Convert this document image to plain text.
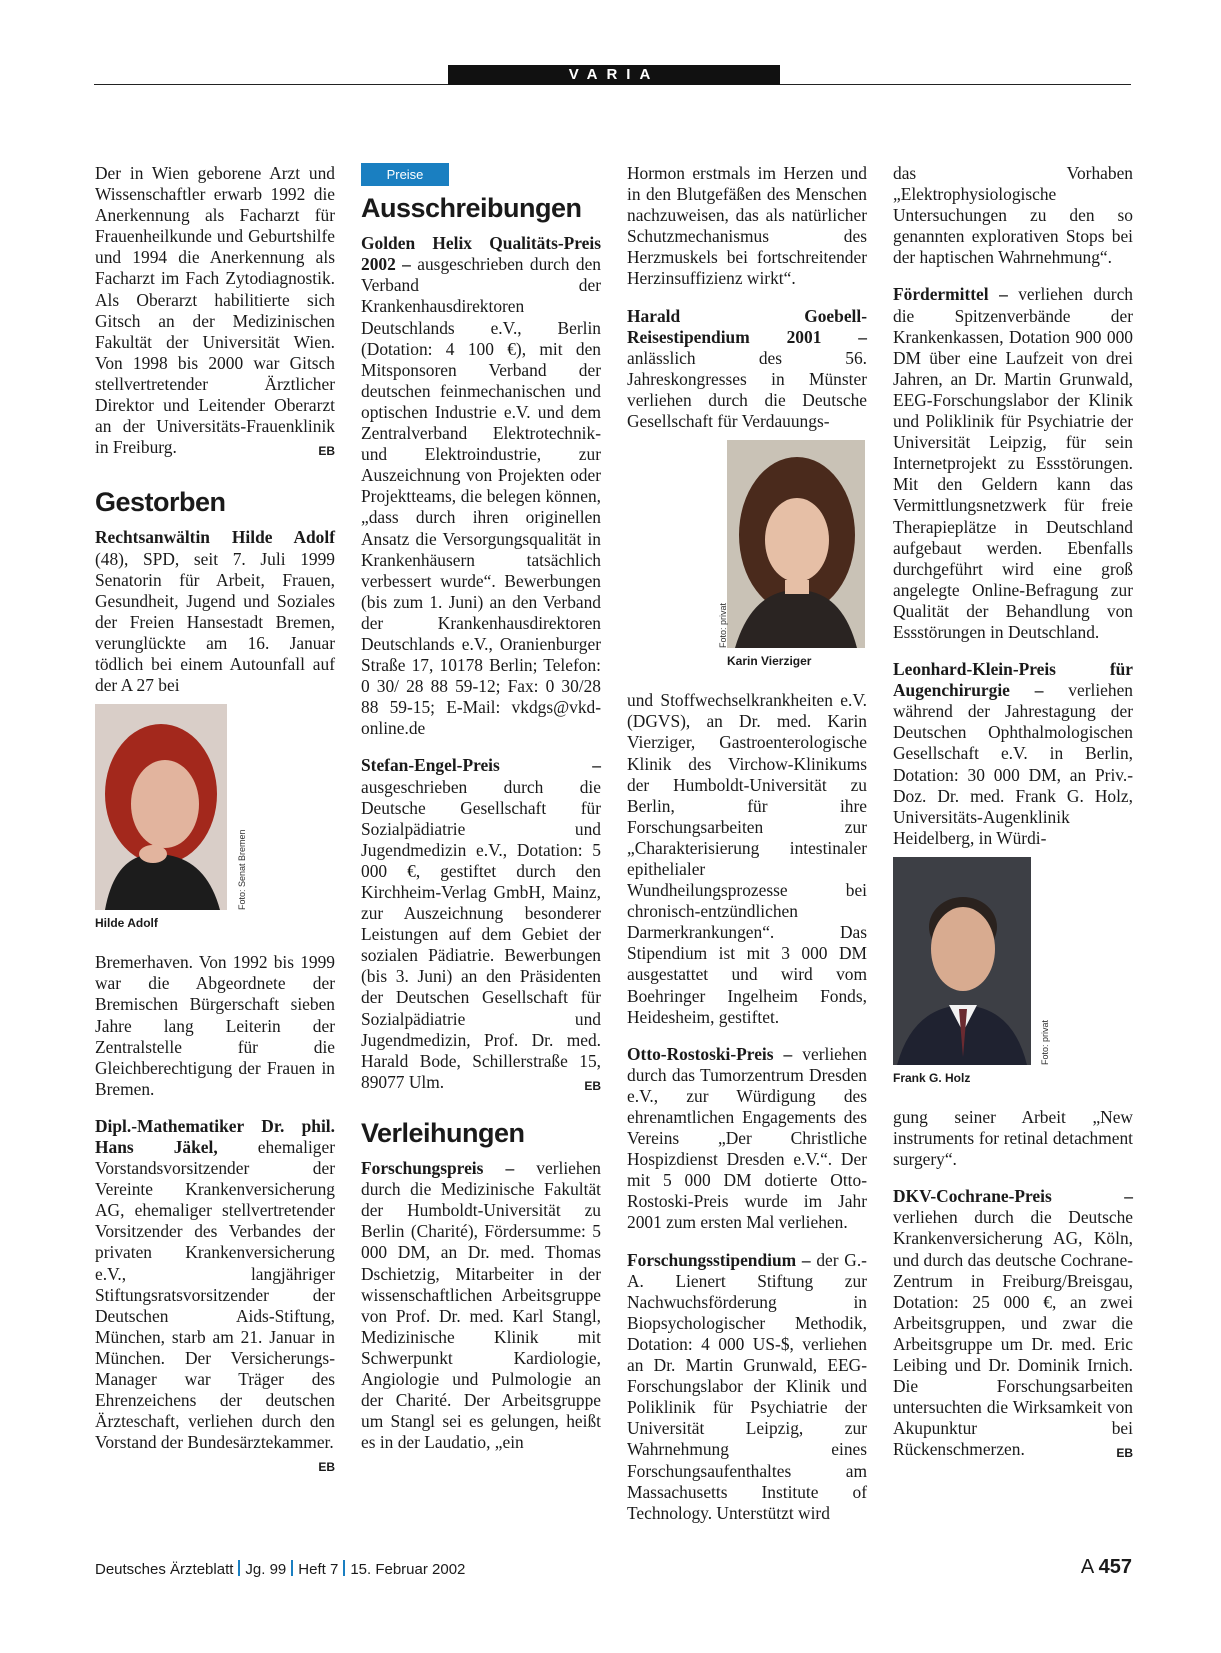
VARIA

Der in Wien geborene Arzt und Wissenschaftler erwarb 1992 die Anerkennung als Facharzt für Frauenheilkunde und Geburtshilfe und 1994 die Anerkennung als Facharzt im Fach Zytodiagnostik. Als Oberarzt habilitierte sich Gitsch an der Medizinischen Fakultät der Universität Wien. Von 1998 bis 2000 war Gitsch stellvertretender Ärztlicher Direktor und Leitender Oberarzt an der Universitäts-Frauenklinik in Freiburg.	EB

Gestorben

Rechtsanwältin Hilde Adolf (48), SPD, seit 7. Juli 1999 Senatorin für Arbeit, Frauen, Gesundheit, Jugend und Soziales der Freien Hansestadt Bremen, verunglückte am 16. Januar tödlich bei einem Autounfall auf der A 27 bei

Foto: Senat Bremen
Hilde Adolf

Bremerhaven. Von 1992 bis 1999 war die Abgeordnete der Bremischen Bürgerschaft sieben Jahre lang Leiterin der Zentralstelle für die Gleichberechtigung der Frauen in Bremen.

Dipl.-Mathematiker Dr. phil. Hans Jäkel, ehemaliger Vorstandsvorsitzender der Vereinte Krankenversicherung AG, ehemaliger stellvertretender Vorsitzender des Verbandes der privaten Krankenversicherung e.V., langjähriger Stiftungsratsvorsitzender der Deutschen Aids-Stiftung, München, starb am 21. Januar in München. Der Versicherungs-Manager war Träger des Ehrenzeichens der deutschen Ärzteschaft, verliehen durch den Vorstand der Bundesärztekammer.
EB

Preise
Ausschreibungen

Golden Helix Qualitäts-Preis 2002 – ausgeschrieben durch den Verband der Krankenhausdirektoren Deutschlands e.V., Berlin (Dotation: 4 100 €), mit den Mitsponsoren Verband der deutschen feinmechanischen und optischen Industrie e.V. und dem Zentralverband Elektrotechnik- und Elektroindustrie, zur Auszeichnung von Projekten oder Projektteams, die belegen können, „dass durch ihren originellen Ansatz die Versorgungsqualität in Krankenhäusern tatsächlich verbessert wurde“. Bewerbungen (bis zum 1. Juni) an den Verband der Krankenhausdirektoren Deutschlands e.V., Oranienburger Straße 17, 10178 Berlin; Telefon: 0 30/ 28 88 59-12; Fax: 0 30/28 88 59-15; E-Mail: vkdgs@vkd-online.de

Stefan-Engel-Preis – ausgeschrieben durch die Deutsche Gesellschaft für Sozialpädiatrie und Jugendmedizin e.V., Dotation: 5 000 €, gestiftet durch den Kirchheim-Verlag GmbH, Mainz, zur Auszeichnung besonderer Leistungen auf dem Gebiet der sozialen Pädiatrie. Bewerbungen (bis 3. Juni) an den Präsidenten der Deutschen Gesellschaft für Sozialpädiatrie und Jugendmedizin, Prof. Dr. med. Harald Bode, Schillerstraße 15, 89077 Ulm.	EB

Verleihungen

Forschungspreis – verliehen durch die Medizinische Fakultät der Humboldt-Universität zu Berlin (Charité), Fördersumme: 5 000 DM, an Dr. med. Thomas Dschietzig, Mitarbeiter in der wissenschaftlichen Arbeitsgruppe von Prof. Dr. med. Karl Stangl, Medizinische Klinik mit Schwerpunkt Kardiologie, Angiologie und Pulmologie an der Charité. Der Arbeitsgruppe um Stangl sei es gelungen, heißt es in der Laudatio, „ein

Hormon erstmals im Herzen und in den Blutgefäßen des Menschen nachzuweisen, das als natürlicher Schutzmechanismus des Herzmuskels bei fortschreitender Herzinsuffizienz wirkt“.

Harald Goebell-Reisestipendium 2001 – anlässlich des 56. Jahreskongresses in Münster verliehen durch die Deutsche Gesellschaft für Verdauungs-

Foto: privat
Karin Vierziger

und Stoffwechselkrankheiten e.V. (DGVS), an Dr. med. Karin Vierziger, Gastroenterologische Klinik des Virchow-Klinikums der Humboldt-Universität zu Berlin, für ihre Forschungsarbeiten zur „Charakterisierung intestinaler epithelialer Wundheilungsprozesse bei chronisch-entzündlichen Darmerkrankungen“. Das Stipendium ist mit 3 000 DM ausgestattet und wird vom Boehringer Ingelheim Fonds, Heidesheim, gestiftet.

Otto-Rostoski-Preis – verliehen durch das Tumorzentrum Dresden e.V., zur Würdigung des ehrenamtlichen Engagements des Vereins „Der Christliche Hospizdienst Dresden e.V.“. Der mit 5 000 DM dotierte Otto-Rostoski-Preis wurde im Jahr 2001 zum ersten Mal verliehen.

Forschungsstipendium – der G.-A. Lienert Stiftung zur Nachwuchsförderung in Biopsychologischer Methodik, Dotation: 4 000 US-$, verliehen an Dr. Martin Grunwald, EEG-Forschungslabor der Klinik und Poliklinik für Psychiatrie der Universität Leipzig, zur Wahrnehmung eines Forschungsaufenthaltes am Massachusetts Institute of Technology. Unterstützt wird

das Vorhaben „Elektrophysiologische Untersuchungen zu den so genannten explorativen Stops bei der haptischen Wahrnehmung“.

Fördermittel – verliehen durch die Spitzenverbände der Krankenkassen, Dotation 900 000 DM über eine Laufzeit von drei Jahren, an Dr. Martin Grunwald, EEG-Forschungslabor der Klinik und Poliklinik für Psychiatrie der Universität Leipzig, für sein Internetprojekt zu Essstörungen. Mit den Geldern kann das Vermittlungsnetzwerk für freie Therapieplätze in Deutschland aufgebaut werden. Ebenfalls durchgeführt wird eine groß angelegte Online-Befragung zur Qualität der Behandlung von Essstörungen in Deutschland.

Leonhard-Klein-Preis für Augenchirurgie – verliehen während der Jahrestagung der Deutschen Ophthalmologischen Gesellschaft e.V. in Berlin, Dotation: 30 000 DM, an Priv.-Doz. Dr. med. Frank G. Holz, Universitäts-Augenklinik Heidelberg, in Würdi-

Foto: privat
Frank G. Holz

gung seiner Arbeit „New instruments for retinal detachment surgery“.

DKV-Cochrane-Preis – verliehen durch die Deutsche Krankenversicherung AG, Köln, und durch das deutsche Cochrane-Zentrum in Freiburg/Breisgau, Dotation: 25 000 €, an zwei Arbeitsgruppen, und zwar die Arbeitsgruppe um Dr. med. Eric Leibing und Dr. Dominik Irnich. Die Forschungsarbeiten untersuchten die Wirksamkeit von Akupunktur bei Rückenschmerzen.	EB

Deutsches Ärzteblatt Jg. 99 Heft 7 15. Februar 2002	A 457
